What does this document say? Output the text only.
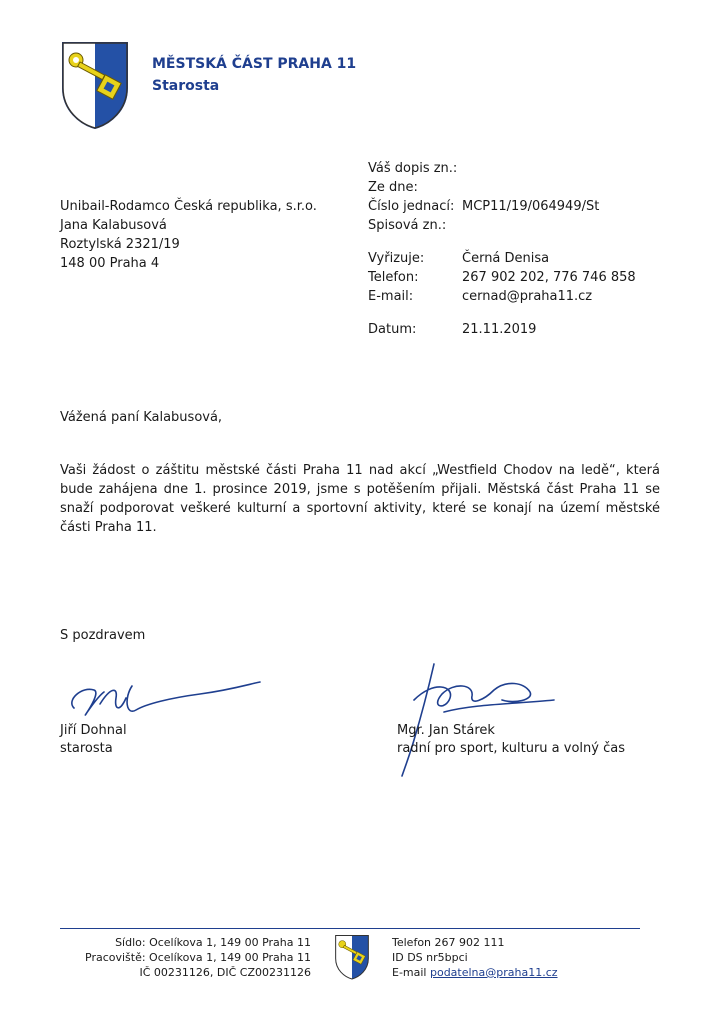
MĚSTSKÁ ČÁST PRAHA 11
Starosta
Váš dopis zn.:
Ze dne:
Číslo jednací: MCP11/19/064949/St
Spisová zn.:
Vyřizuje:	Černá Denisa
Telefon:	267 902 202, 776 746 858
E-mail:	cernad@praha11.cz
Datum:	21.11.2019
Unibail-Rodamco Česká republika, s.r.o.
Jana Kalabusová
Roztylská 2321/19
148 00 Praha 4
Vážená paní Kalabusová,
Vaši žádost o záštitu městské části Praha 11 nad akcí „Westfield Chodov na ledě“, která bude zahájena dne 1. prosince 2019, jsme s potěšením přijali. Městská část Praha 11 se snaží podporovat veškeré kulturní a sportovní aktivity, které se konají na území městské části Praha 11.
S pozdravem
Jiří Dohnal
starosta
Mgr. Jan Stárek
radní pro sport, kulturu a volný čas
Sídlo: Ocelíkova 1, 149 00 Praha 11
Pracoviště: Ocelíkova 1, 149 00 Praha 11
IČ 00231126, DIČ CZ00231126
Telefon 267 902 111
ID DS nr5bpci
E-mail podatelna@praha11.cz
